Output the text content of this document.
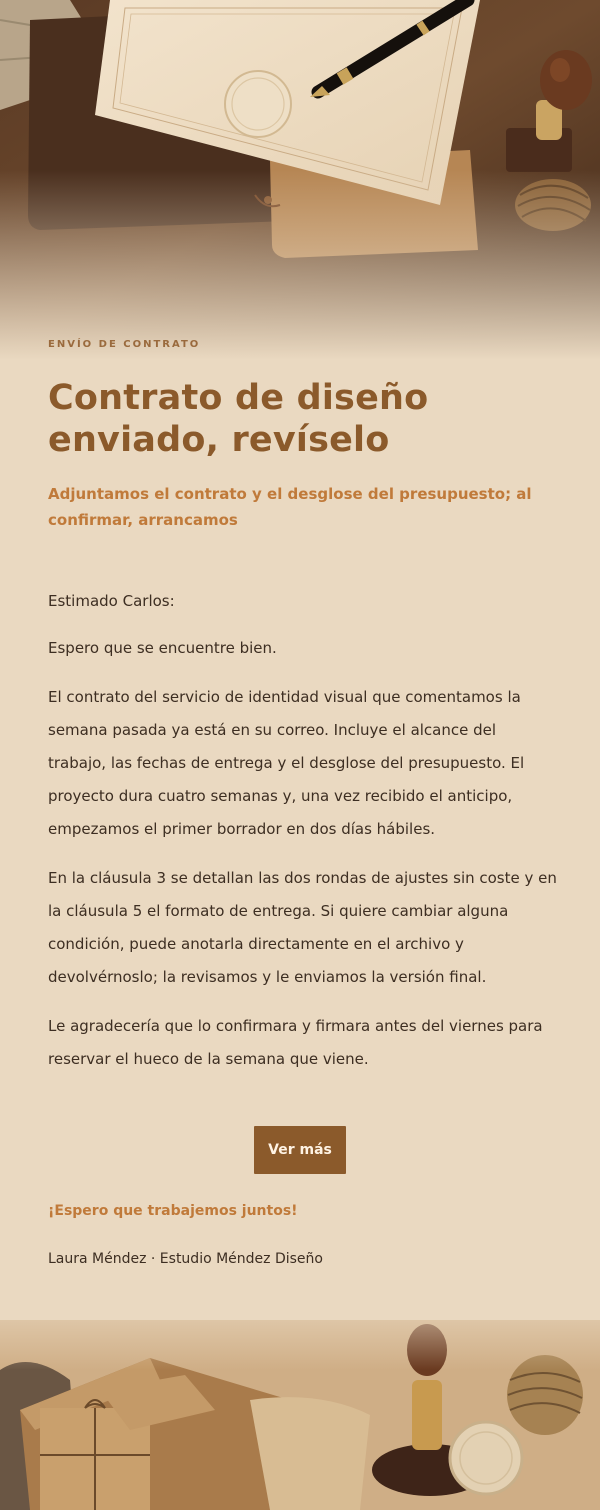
ENVÍO DE CONTRATO

Contrato de diseño enviado, revíselo

Adjuntamos el contrato y el desglose del presupuesto; al confirmar, arrancamos

Estimado Carlos:

Espero que se encuentre bien.

El contrato del servicio de identidad visual que comentamos la semana pasada ya está en su correo. Incluye el alcance del trabajo, las fechas de entrega y el desglose del presupuesto. El proyecto dura cuatro semanas y, una vez recibido el anticipo, empezamos el primer borrador en dos días hábiles.

En la cláusula 3 se detallan las dos rondas de ajustes sin coste y en la cláusula 5 el formato de entrega. Si quiere cambiar alguna condición, puede anotarla directamente en el archivo y devolvérnoslo; la revisamos y le enviamos la versión final.

Le agradecería que lo confirmara y firmara antes del viernes para reservar el hueco de la semana que viene.

Ver más

¡Espero que trabajemos juntos!

Laura Méndez · Estudio Méndez Diseño
